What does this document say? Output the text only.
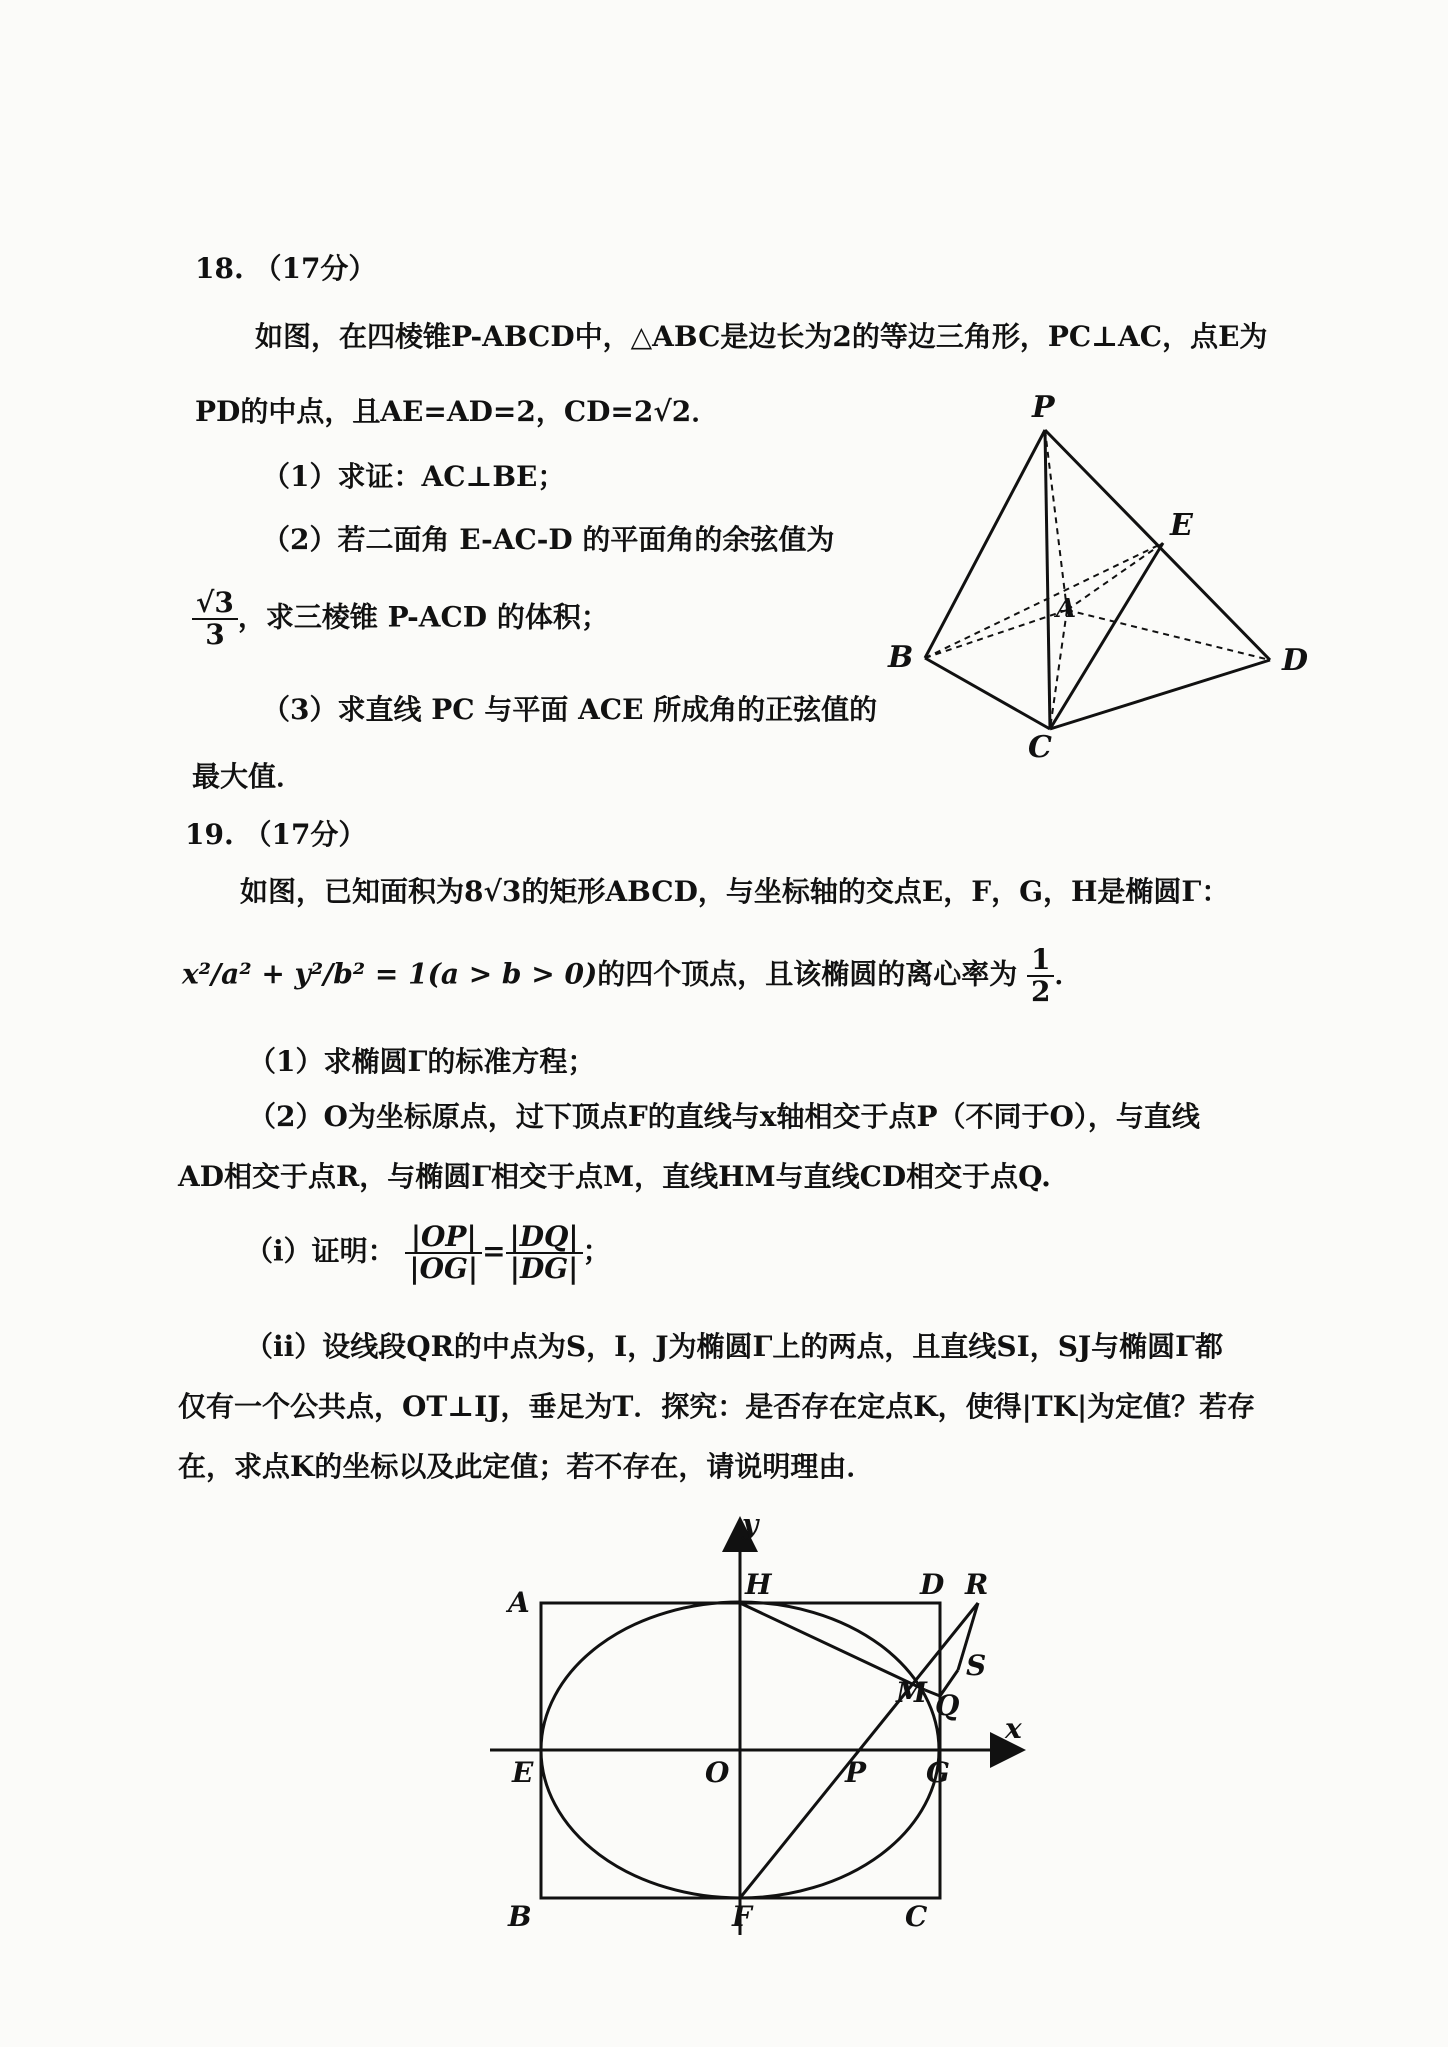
18. （17分）
如图，在四棱锥P-ABCD中，△ABC是边长为2的等边三角形，PC⊥AC，点E为
PD的中点，且AE=AD=2，CD=2√2．
（1）求证：AC⊥BE；
（2）若二面角 E-AC-D 的平面角的余弦值为
$\frac{√3}{3}$ ，求三棱锥 P-ACD 的体积；
（3）求直线 PC 与平面 ACE 所成角的正弦值的
最大值．
P
E
A
B	D
C
19. （17分）
如图，已知面积为8√3的矩形ABCD，与坐标轴的交点E，F，G，H是椭圆Γ：
x²/a² + y²/b² = 1(a > b > 0)的四个顶点，且该椭圆的离心率为 $\frac{1}{2}$ ．
（1）求椭圆Γ的标准方程；
（2）O为坐标原点，过下顶点F的直线与x轴相交于点P（不同于O），与直线
AD相交于点R，与椭圆Γ相交于点M，直线HM与直线CD相交于点Q.
（i）证明： $\frac{|OP|}{|OG|} = \frac{|DQ|}{|DG|}$ ；
（ii）设线段QR的中点为S，I，J为椭圆Γ上的两点，且直线SI，SJ与椭圆Γ都
仅有一个公共点，OT⊥IJ，垂足为T．探究：是否存在定点K，使得|TK|为定值？若存
在，求点K的坐标以及此定值；若不存在，请说明理由．
y
x
A
H	D R
S
M Q
E	O	P G
B	F	C
